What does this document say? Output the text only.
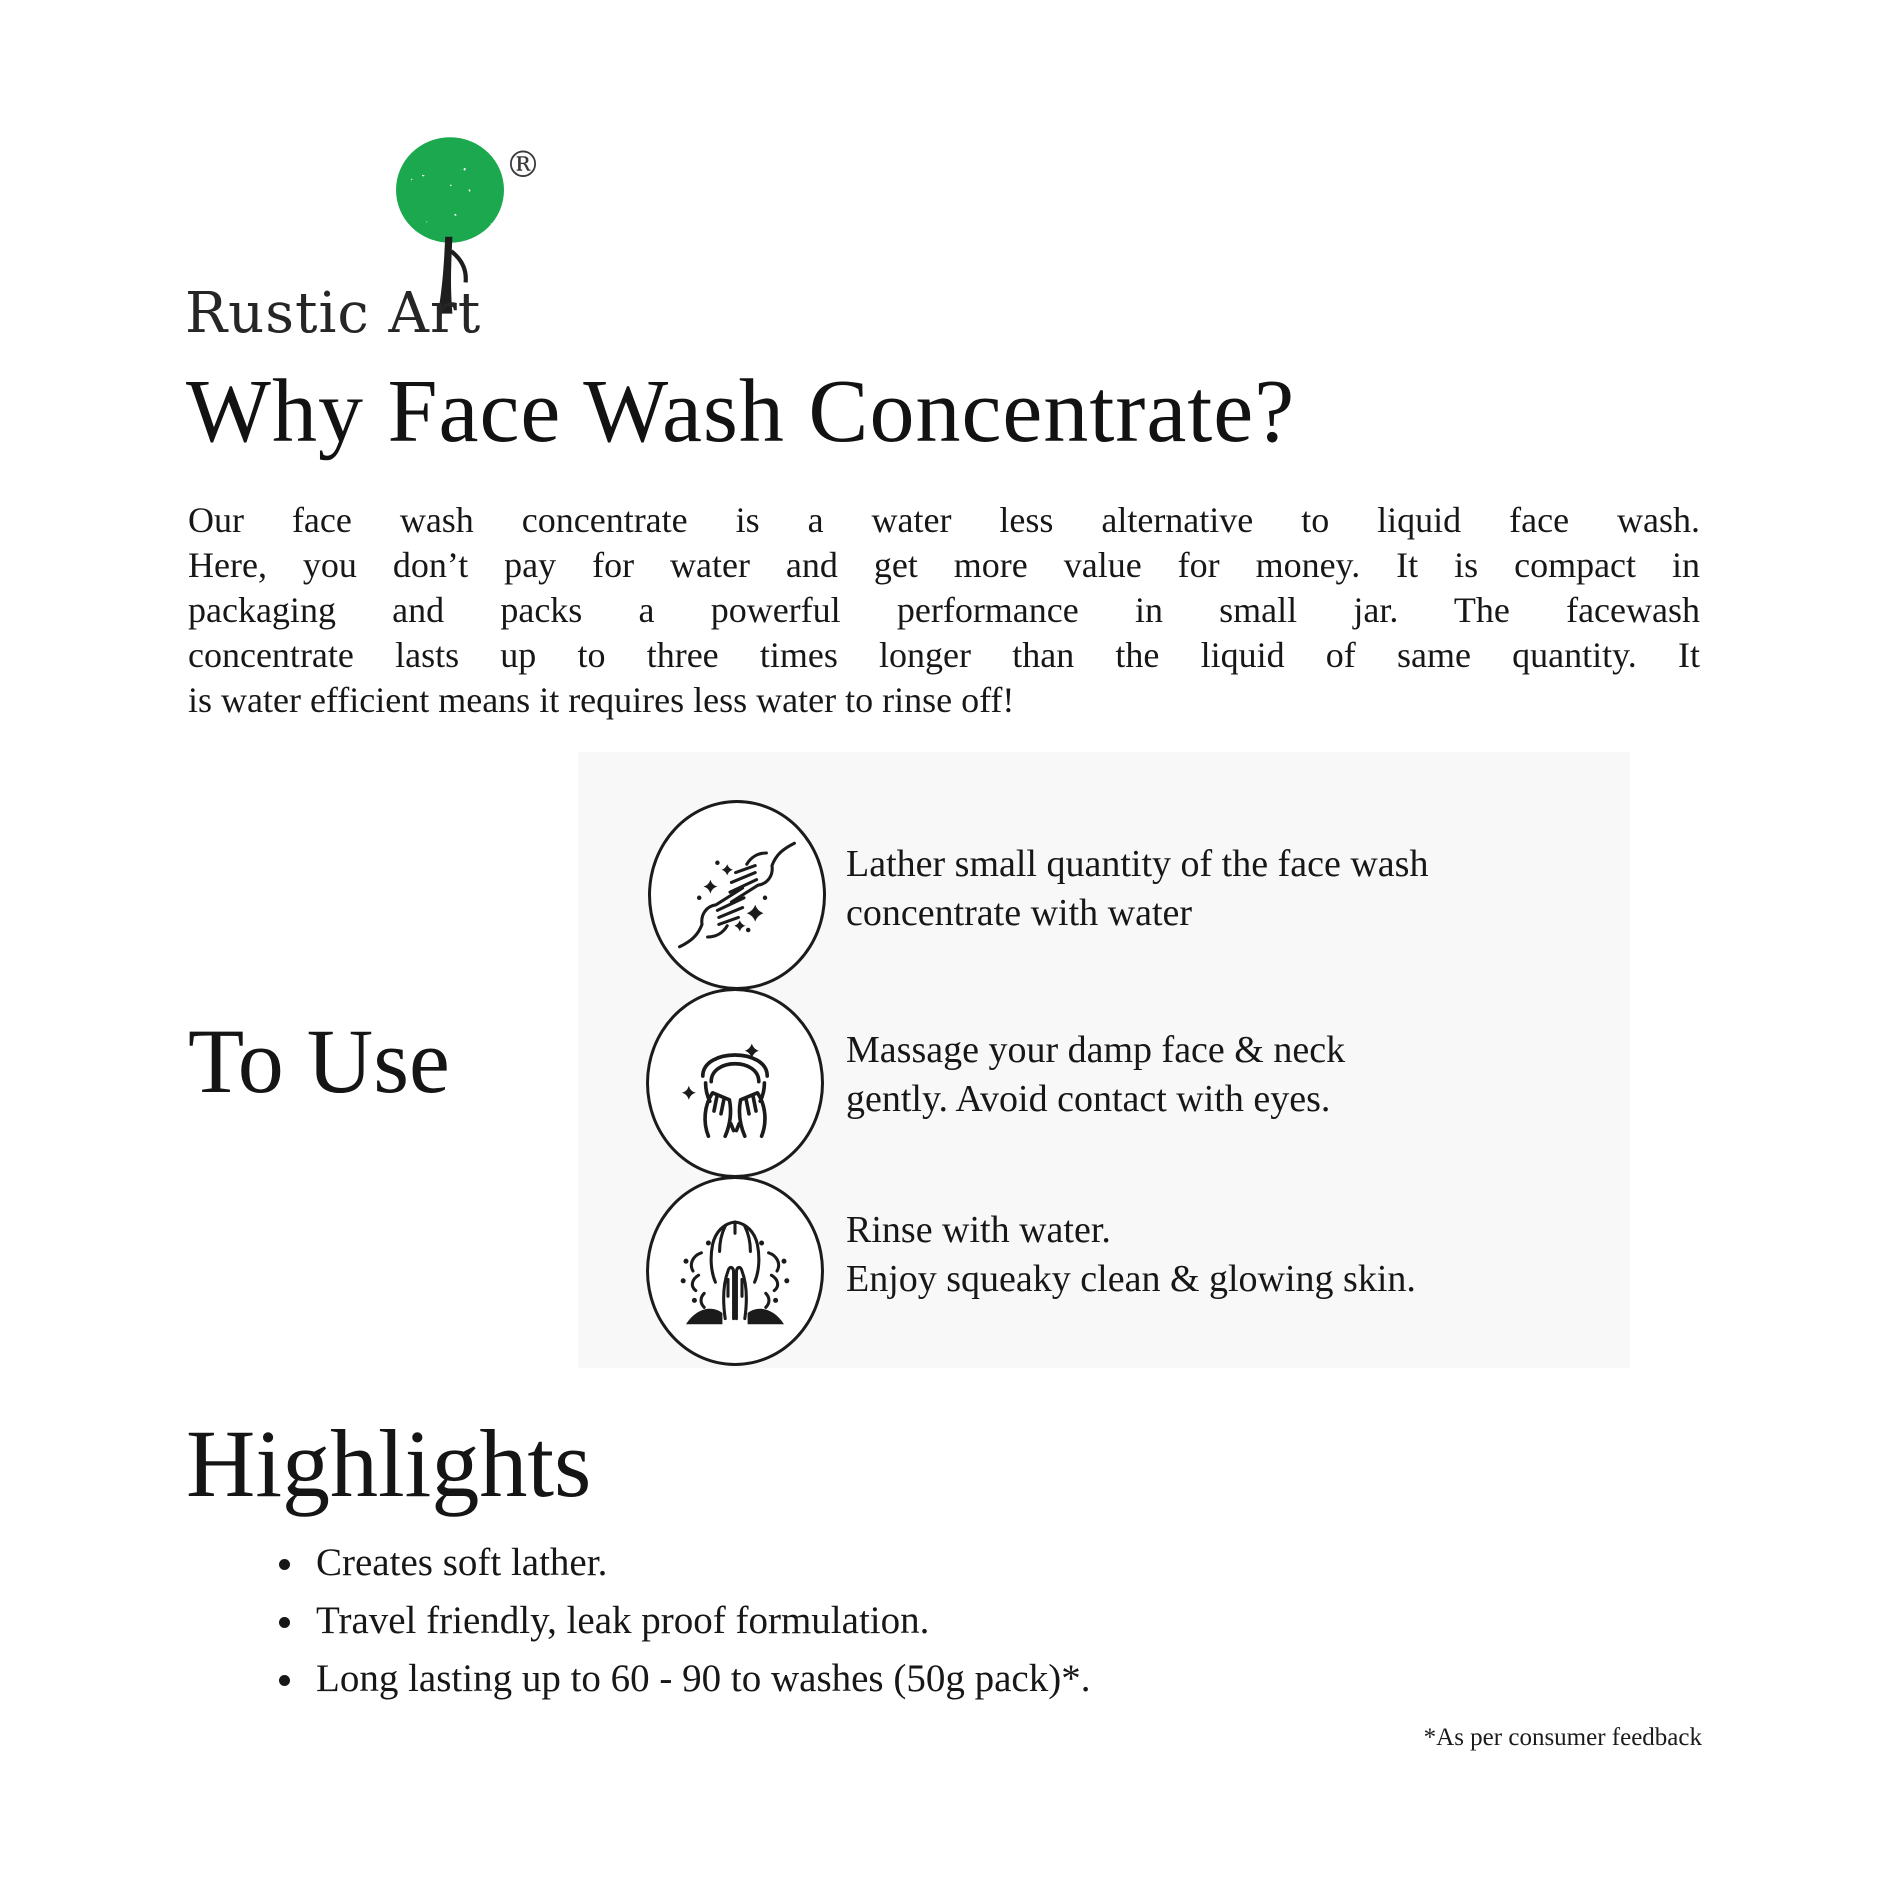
®
Rustic Art
Why Face Wash Concentrate?
Our face wash concentrate is a water less alternative to liquid face wash.
Here, you don’t pay for water and get more value for money. It is compact in
packaging and packs a powerful performance in small jar. The facewash
concentrate lasts up to three times longer than the liquid of same quantity. It
is water efficient means it requires less water to rinse off!
To Use
Lather small quantity of the face wash
concentrate with water
Massage your damp face & neck
gently. Avoid contact with eyes.
Rinse with water.
Enjoy squeaky clean & glowing skin.
Highlights
• Creates soft lather.
• Travel friendly, leak proof formulation.
• Long lasting up to 60 - 90 to washes (50g pack)*.
*As per consumer feedback
